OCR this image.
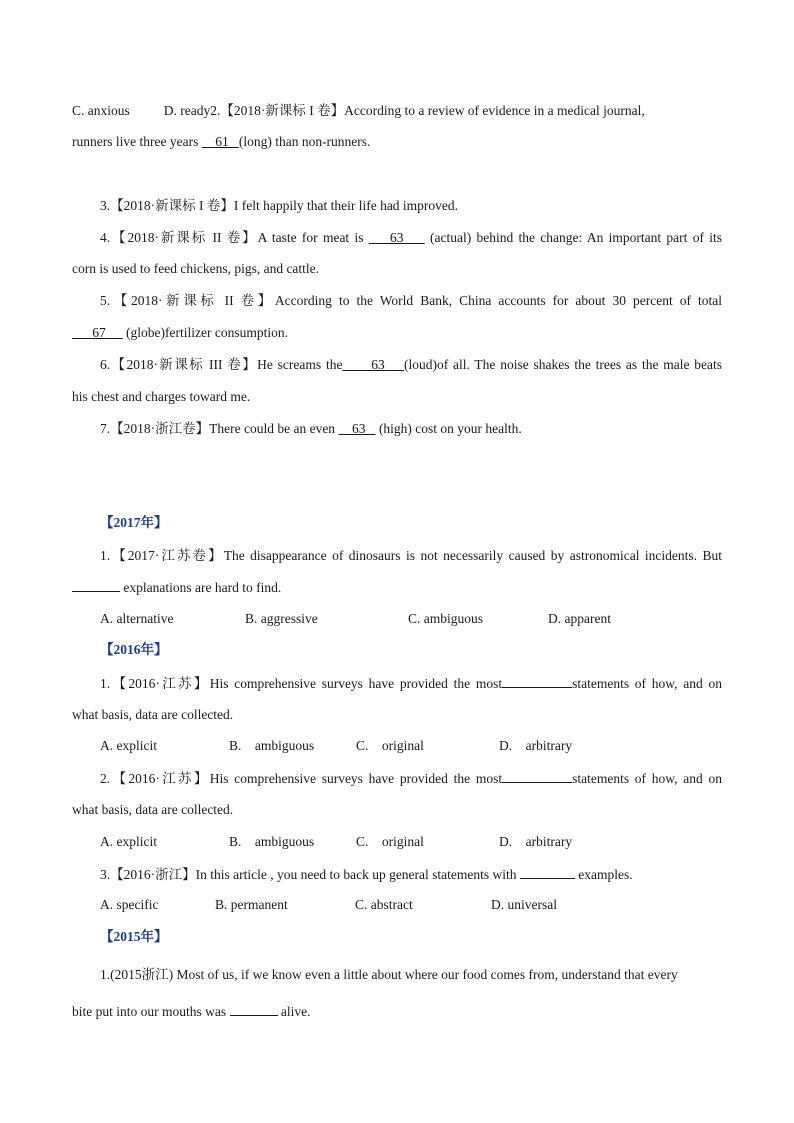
C. anxious	D. ready2.【2018·新课标 I 卷】According to a review of evidence in a medical journal,
runners live three years     61 (long) than non-runners.
3.【2018·新课标 I 卷】I felt happily that their life had improved.
4.【2018·新课标 II 卷】A taste for meat is     63     (actual) behind the change: An important part of its
corn is used to feed chickens, pigs, and cattle.
5.【2018·新课标 II 卷】According to the World Bank, China accounts for about 30 percent of total
67      (globe)fertilizer consumption.
6.【2018·新课标 III 卷】He screams the 63 (loud)of all. The noise shakes the trees as the male beats
his chest and charges toward me.
7.【2018·浙江卷】There could be an even     63    (high) cost on your health.
【2017年】
1.【2017·江苏卷】The disappearance of dinosaurs is not necessarily caused by astronomical incidents. But
explanations are hard to find.
A. alternative	B. aggressive	C. ambiguous	D. apparent
【2016年】
1.【2016·江苏】His comprehensive surveys have provided the most	statements of how, and on
what basis, data are collected.
A. explicit	B.    ambiguous	C.    original	D.    arbitrary
2.【2016·江苏】His comprehensive surveys have provided the most	statements of how, and on
what basis, data are collected.
A. explicit	B.    ambiguous	C.    original	D.    arbitrary
3.【2016·浙江】In this article , you need to back up general statements with	examples.
A. specific	B. permanent	C. abstract	D. universal
【2015年】
1.(2015浙江) Most of us, if we know even a little about where our food comes from, understand that every
bite put into our mouths was	alive.
